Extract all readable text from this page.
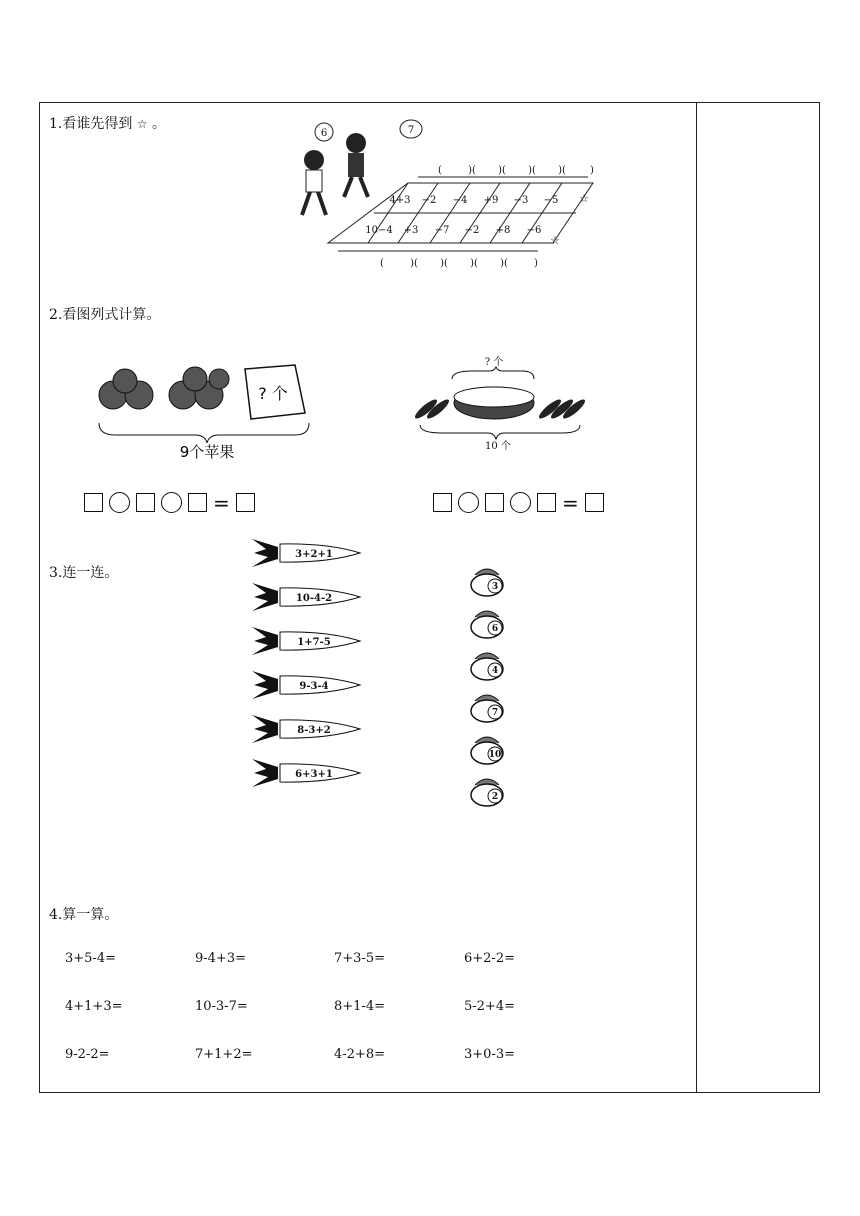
1.看谁先得到 ☆ 。
6	7
(	)( )( )( )( )
4+3 −2 −4 +9 −3 −5
10−4 +3 −7 −2 +8 −6
(	)( )( )( )(	)
☆
☆
2.看图列式计算。
? 个
9个苹果
? 个
10 个
=	=
3.连一连。
3+2+1
10-4-2
1+7-5
9-3-4
8-3+2
6+3+1
3
6
4
7
10
2
4.算一算。
3+5-4=	9-4+3=	7+3-5=	6+2-2=
4+1+3=	10-3-7=	8+1-4=	5-2+4=
9-2-2=	7+1+2=	4-2+8=	3+0-3=
